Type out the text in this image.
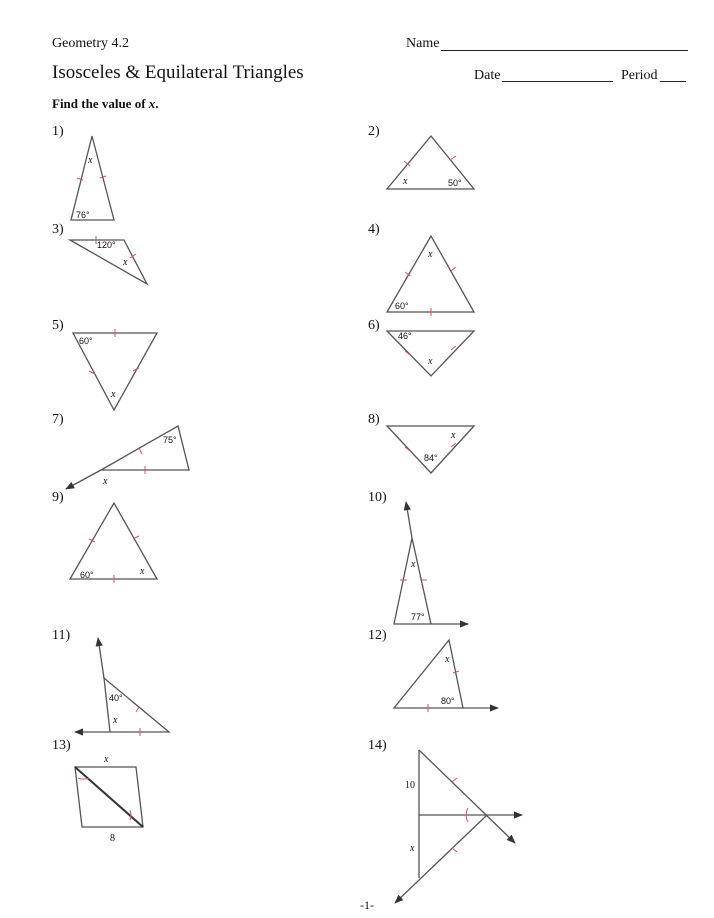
Geometry 4.2	Name
Isosceles & Equilateral Triangles	Date	Period
Find the value of x.
1)	2)
3)	4)
5)	6)
7)	8)
9)	10)
11)	12)
13)	14)
x
76°
x	50°
120°
x
x
60°
60°
x
46°
x
75°
x
x
84°
60°	x
x
77°
40°
x
x
80°
x
8
10
x
-1-
